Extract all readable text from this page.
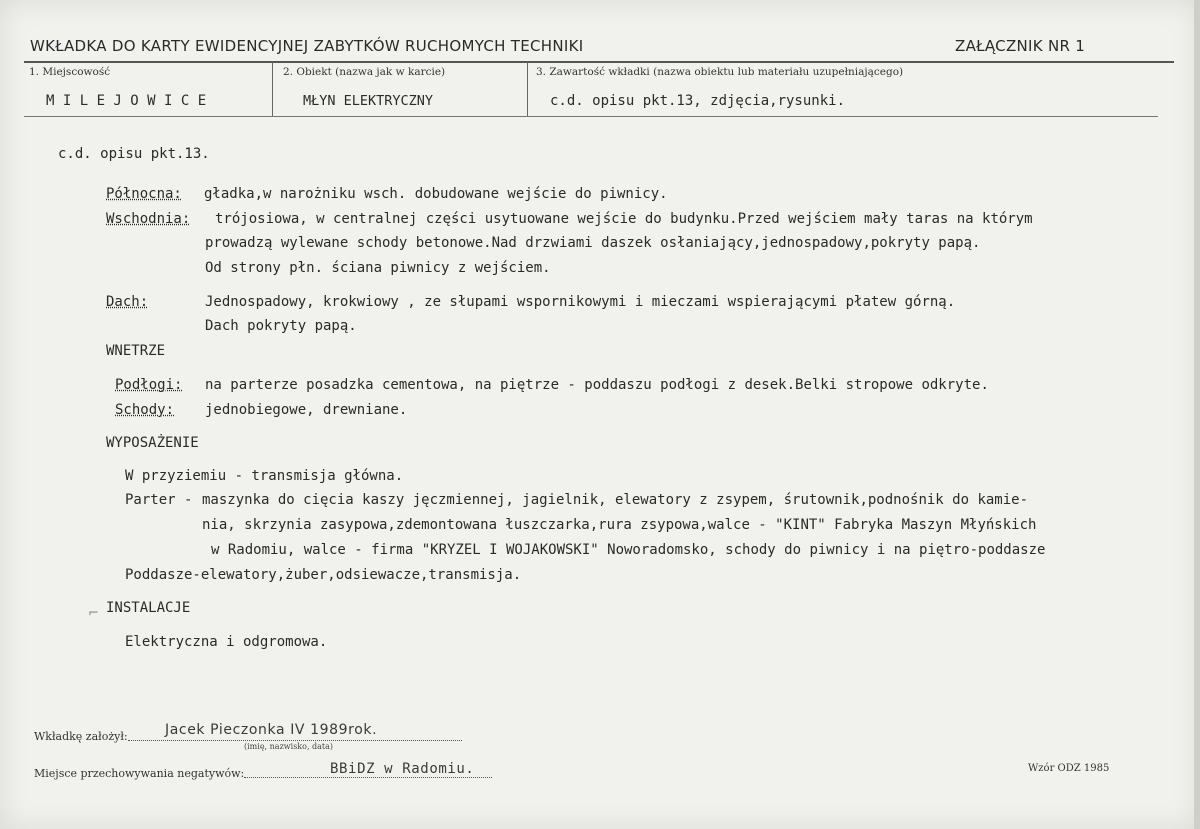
WKŁADKA DO KARTY EWIDENCYJNEJ ZABYTKÓW RUCHOMYCH TECHNIKI	ZAŁĄCZNIK NR 1
1. Miejscowość	2. Obiekt (nazwa jak w karcie)	3. Zawartość wkładki (nazwa obiektu lub materiału uzupełniającego)
M I L E J O W I C E	MŁYN ELEKTRYCZNY	c.d. opisu pkt.13, zdjęcia,rysunki.
c.d. opisu pkt.13.
Północna: gładka,w narożniku wsch. dobudowane wejście do piwnicy.
Wschodnia: trójosiowa, w centralnej części usytuowane wejście do budynku.Przed wejściem mały taras na którym
prowadzą wylewane schody betonowe.Nad drzwiami daszek osłaniający,jednospadowy,pokryty papą.
Od strony płn. ściana piwnicy z wejściem.
Dach:	Jednospadowy, krokwiowy , ze słupami wspornikowymi i mieczami wspierającymi płatew górną.
Dach pokryty papą.
WNETRZE
Podłogi: na parterze posadzka cementowa, na piętrze - poddaszu podłogi z desek.Belki stropowe odkryte.
Schody: jednobiegowe, drewniane.
WYPOSAŻENIE
W przyziemiu - transmisja główna.
Parter - maszynka do cięcia kaszy jęczmiennej, jagielnik, elewatory z zsypem, śrutownik,podnośnik do kamie-
nia, skrzynia zasypowa,zdemontowana łuszczarka,rura zsypowa,walce - "KINT" Fabryka Maszyn Młyńskich
w Radomiu, walce - firma "KRYZEL I WOJAKOWSKI" Noworadomsko, schody do piwnicy i na piętro-poddasze
Poddasze-elewatory,żuber,odsiewacze,transmisja.
⌐ INSTALACJE
Elektryczna i odgromowa.
Wkładkę założył:	Jacek Pieczonka IV 1989rok.
(imię, nazwisko, data)
Miejsce przechowywania negatywów:	BBiDZ w Radomiu.	Wzór ODZ 1985
